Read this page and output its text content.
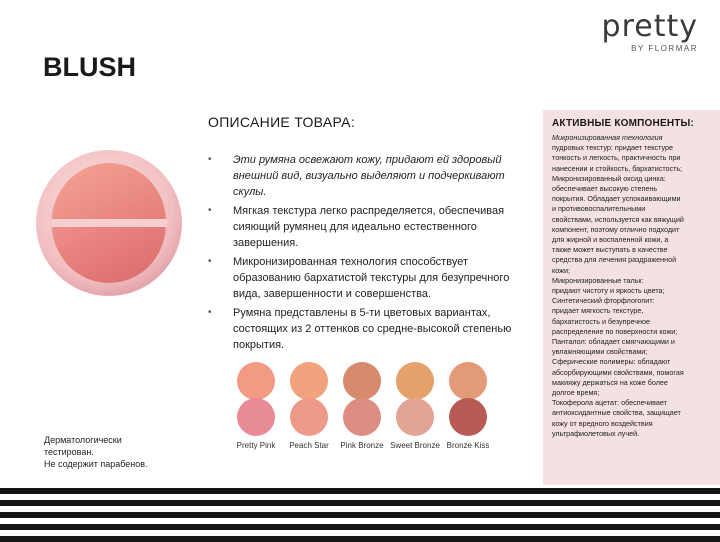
pretty
BY FLORMAR
BLUSH
ОПИСАНИЕ ТОВАРА:
• Эти румяна освежают кожу, придают ей здоровый внешний вид, визуально выделяют и подчеркивают скулы.
• Мягкая текстура легко распределяется, обеспечивая сияющий румянец для идеально естественного завершения.
• Микронизированная технология способствует образованию бархатистой текстуры для безупречного вида, завершенности и совершенства.
• Румяна представлены в 5-ти цветовых вариантах, состоящих из 2 оттенков со средне-высокой степенью покрытия.
Дерматологически
тестирован.
Не содержит парабенов.
Pretty Pink	Peach Star	Pink Bronze Sweet Bronze Bronze Kiss
АКТИВНЫЕ КОМПОНЕНТЫ:
Микронизированная технология
пудровых текстур: придает текстуре
тонкость и легкость, практичность при
нанесении и стойкость, бархатистость;
Микронизированный оксид цинка:
обеспечивает высокую степень
покрытия. Обладает успокаивающими
и противовоспалительными
свойствами, используется как вяжущий
компонент, поэтому отлично подходит
для жирной и воспаленной кожи, а
также может выступать в качестве
средства для лечения раздраженной
кожи;
Микронизированные тальк:
придают чистоту и яркость цвета;
Синтетический фторфлогопит:
придает мягкость текстуре,
бархатистость и безупречное
распределение по поверхности кожи;
Панталол: обладает смягчающими и
увлажняющими свойствами;
Сферические полимеры: обладают
абсорбирующими свойствами, помогая
макияжу держаться на коже более
долгое время;
Токоферола ацетат: обеспечивает
антиоксидантные свойства, защищает
кожу от вредного воздействия
ультрафиолетовых лучей.
